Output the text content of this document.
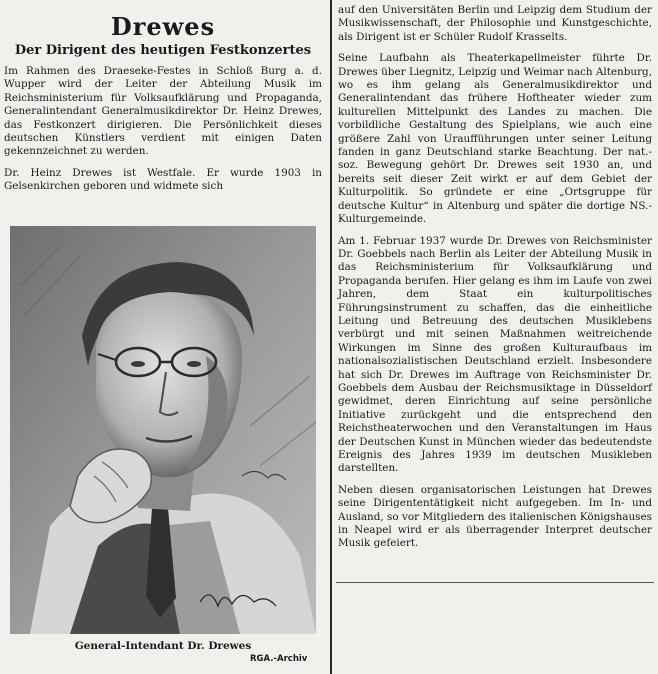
Drewes
Der Dirigent des heutigen Festkonzertes

Im Rahmen des Draeseke-Festes in Schloß Burg a. d. Wupper wird der Leiter der Abteilung Musik im Reichsministerium für Volksaufklärung und Propaganda, Generalintendant Generalmusikdirektor Dr. Heinz Drewes, das Festkonzert dirigieren. Die Persönlichkeit dieses deutschen Künstlers verdient mit einigen Daten gekennzeichnet zu werden.

Dr. Heinz Drewes ist Westfale. Er wurde 1903 in Gelsenkirchen geboren und widmete sich

General-Intendant Dr. Drewes
RGA.-Archiv

auf den Universitäten Berlin und Leipzig dem Studium der Musikwissenschaft, der Philosophie und Kunstgeschichte, als Dirigent ist er Schüler Rudolf Krasselts.

Seine Laufbahn als Theaterkapellmeister führte Dr. Drewes über Liegnitz, Leipzig und Weimar nach Altenburg, wo es ihm gelang als Generalmusikdirektor und Generalintendant das frühere Hoftheater wieder zum kulturellen Mittelpunkt des Landes zu machen. Die vorbildliche Gestaltung des Spielplans, wie auch eine größere Zahl von Uraufführungen unter seiner Leitung fanden in ganz Deutschland starke Beachtung. Der nat.-soz. Bewegung gehört Dr. Drewes seit 1930 an, und bereits seit dieser Zeit wirkt er auf dem Gebiet der Kulturpolitik. So gründete er eine „Ortsgruppe für deutsche Kultur“ in Altenburg und später die dortige NS.-Kulturgemeinde.

Am 1. Februar 1937 wurde Dr. Drewes von Reichsminister Dr. Goebbels nach Berlin als Leiter der Abteilung Musik in das Reichsministerium für Volksaufklärung und Propaganda berufen. Hier gelang es ihm im Laufe von zwei Jahren, dem Staat ein kulturpolitisches Führungsinstrument zu schaffen, das die einheitliche Leitung und Betreuung des deutschen Musiklebens verbürgt und mit seinen Maßnahmen weitreichende Wirkungen im Sinne des großen Kulturaufbaus im nationalsozialistischen Deutschland erzielt. Insbesondere hat sich Dr. Drewes im Auftrage von Reichsminister Dr. Goebbels dem Ausbau der Reichsmusiktage in Düsseldorf gewidmet, deren Einrichtung auf seine persönliche Initiative zurückgeht und die entsprechend den Reichstheaterwochen und den Veranstaltungen im Haus der Deutschen Kunst in München wieder das bedeutendste Ereignis des Jahres 1939 im deutschen Musikleben darstellten.

Neben diesen organisatorischen Leistungen hat Drewes seine Dirigententätigkeit nicht aufgegeben. Im In- und Ausland, so vor Mitgliedern des italienischen Königshauses in Neapel wird er als überragender Interpret deutscher Musik gefeiert.
